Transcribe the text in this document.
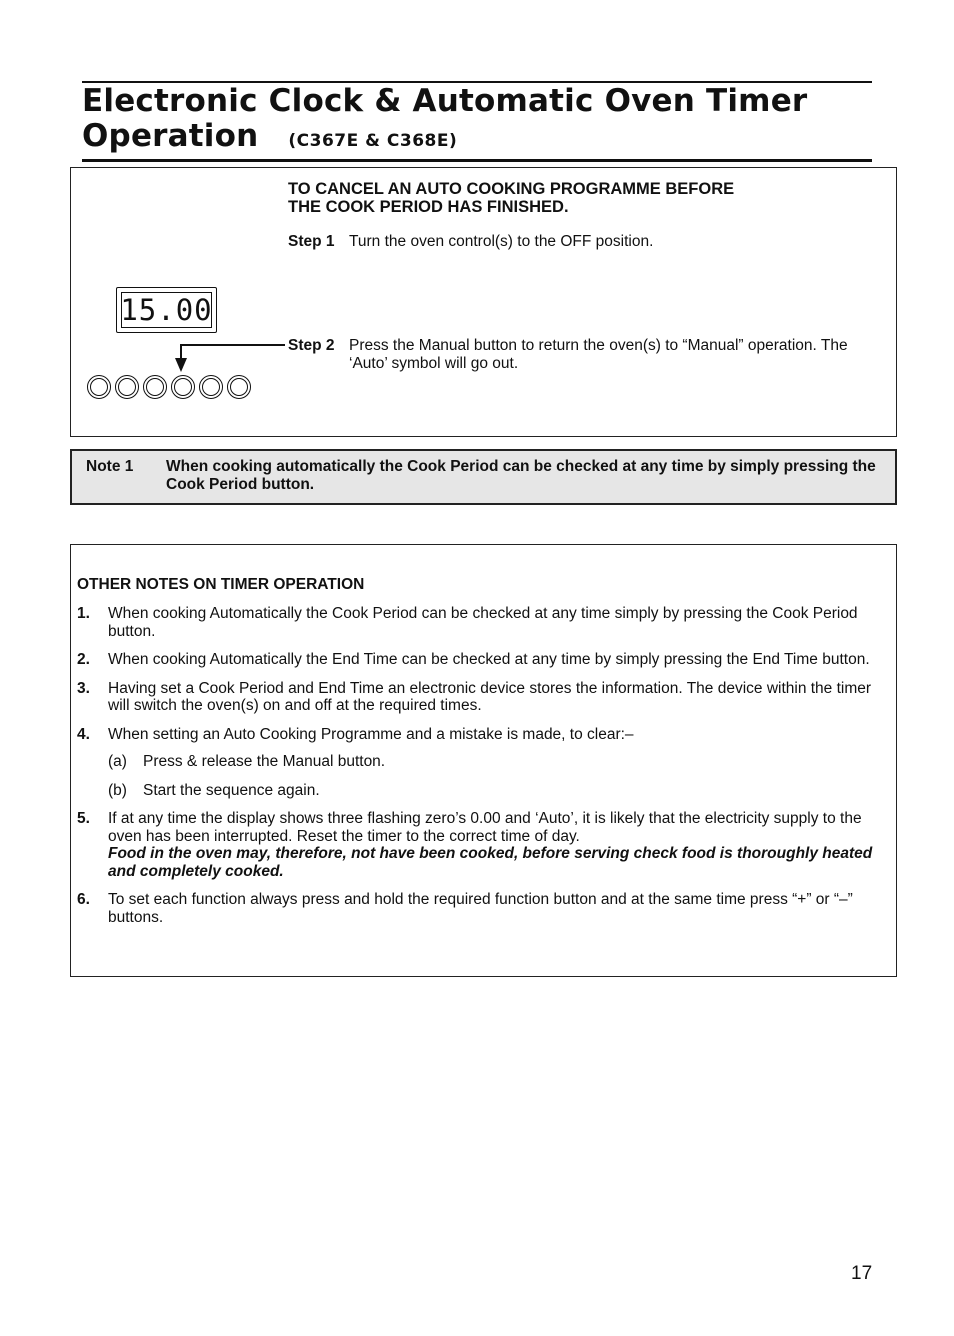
Electronic Clock & Automatic Oven Timer
Operation (C367E & C368E)
TO CANCEL AN AUTO COOKING PROGRAMME BEFORE
THE COOK PERIOD HAS FINISHED.
Step 1 Turn the oven control(s) to the OFF position.
15.00
Step 2 Press the Manual button to return the oven(s) to “Manual” operation. The ‘Auto’ symbol will go out.
Note 1 When cooking automatically the Cook Period can be checked at any time by simply pressing the Cook Period button.
OTHER NOTES ON TIMER OPERATION
1. When cooking Automatically the Cook Period can be checked at any time simply by pressing the Cook Period button.
2. When cooking Automatically the End Time can be checked at any time by simply pressing the End Time button.
3. Having set a Cook Period and End Time an electronic device stores the information. The device within the timer will switch the oven(s) on and off at the required times.
4. When setting an Auto Cooking Programme and a mistake is made, to clear:–
(a) Press & release the Manual button.
(b) Start the sequence again.
5. If at any time the display shows three flashing zero’s 0.00 and ‘Auto’, it is likely that the electricity supply to the oven has been interrupted. Reset the timer to the correct time of day.
Food in the oven may, therefore, not have been cooked, before serving check food is thoroughly heated and completely cooked.
6. To set each function always press and hold the required function button and at the same time press “+” or “–” buttons.
17
